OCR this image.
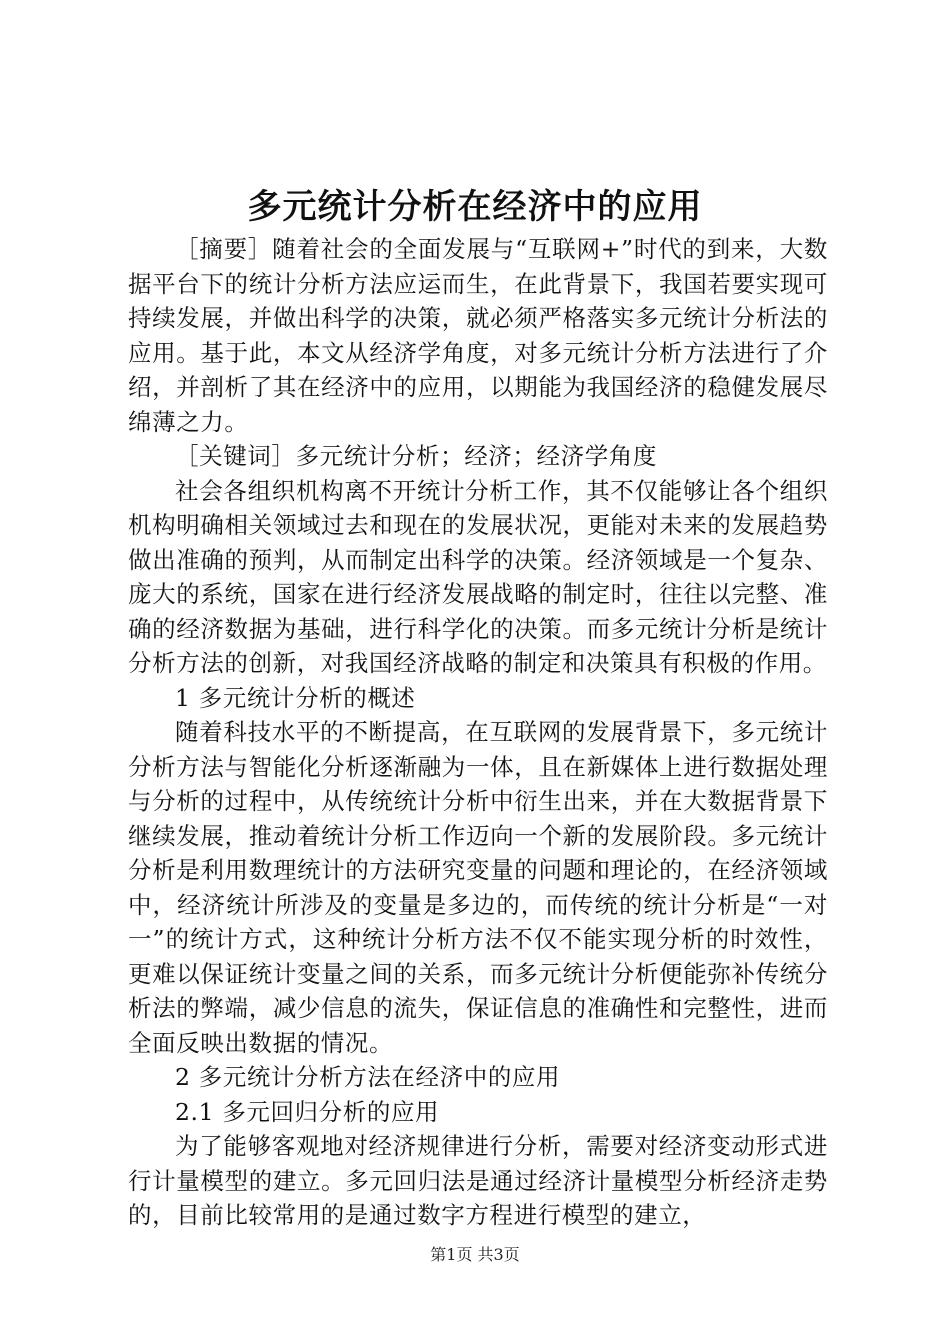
多元统计分析在经济中的应用

［摘要］随着社会的全面发展与“互联网+”时代的到来，大数据平台下的统计分析方法应运而生，在此背景下，我国若要实现可持续发展，并做出科学的决策，就必须严格落实多元统计分析法的应用。基于此，本文从经济学角度，对多元统计分析方法进行了介绍，并剖析了其在经济中的应用，以期能为我国经济的稳健发展尽绵薄之力。

［关键词］多元统计分析；经济；经济学角度

社会各组织机构离不开统计分析工作，其不仅能够让各个组织机构明确相关领域过去和现在的发展状况，更能对未来的发展趋势做出准确的预判，从而制定出科学的决策。经济领域是一个复杂、庞大的系统，国家在进行经济发展战略的制定时，往往以完整、准确的经济数据为基础，进行科学化的决策。而多元统计分析是统计分析方法的创新，对我国经济战略的制定和决策具有积极的作用。

1 多元统计分析的概述

随着科技水平的不断提高，在互联网的发展背景下，多元统计分析方法与智能化分析逐渐融为一体，且在新媒体上进行数据处理与分析的过程中，从传统统计分析中衍生出来，并在大数据背景下继续发展，推动着统计分析工作迈向一个新的发展阶段。多元统计分析是利用数理统计的方法研究变量的问题和理论的，在经济领域中，经济统计所涉及的变量是多边的，而传统的统计分析是“一对一”的统计方式，这种统计分析方法不仅不能实现分析的时效性，更难以保证统计变量之间的关系，而多元统计分析便能弥补传统分析法的弊端，减少信息的流失，保证信息的准确性和完整性，进而全面反映出数据的情况。

2 多元统计分析方法在经济中的应用

2.1 多元回归分析的应用

为了能够客观地对经济规律进行分析，需要对经济变动形式进行计量模型的建立。多元回归法是通过经济计量模型分析经济走势的，目前比较常用的是通过数字方程进行模型的建立，

第1页 共3页
